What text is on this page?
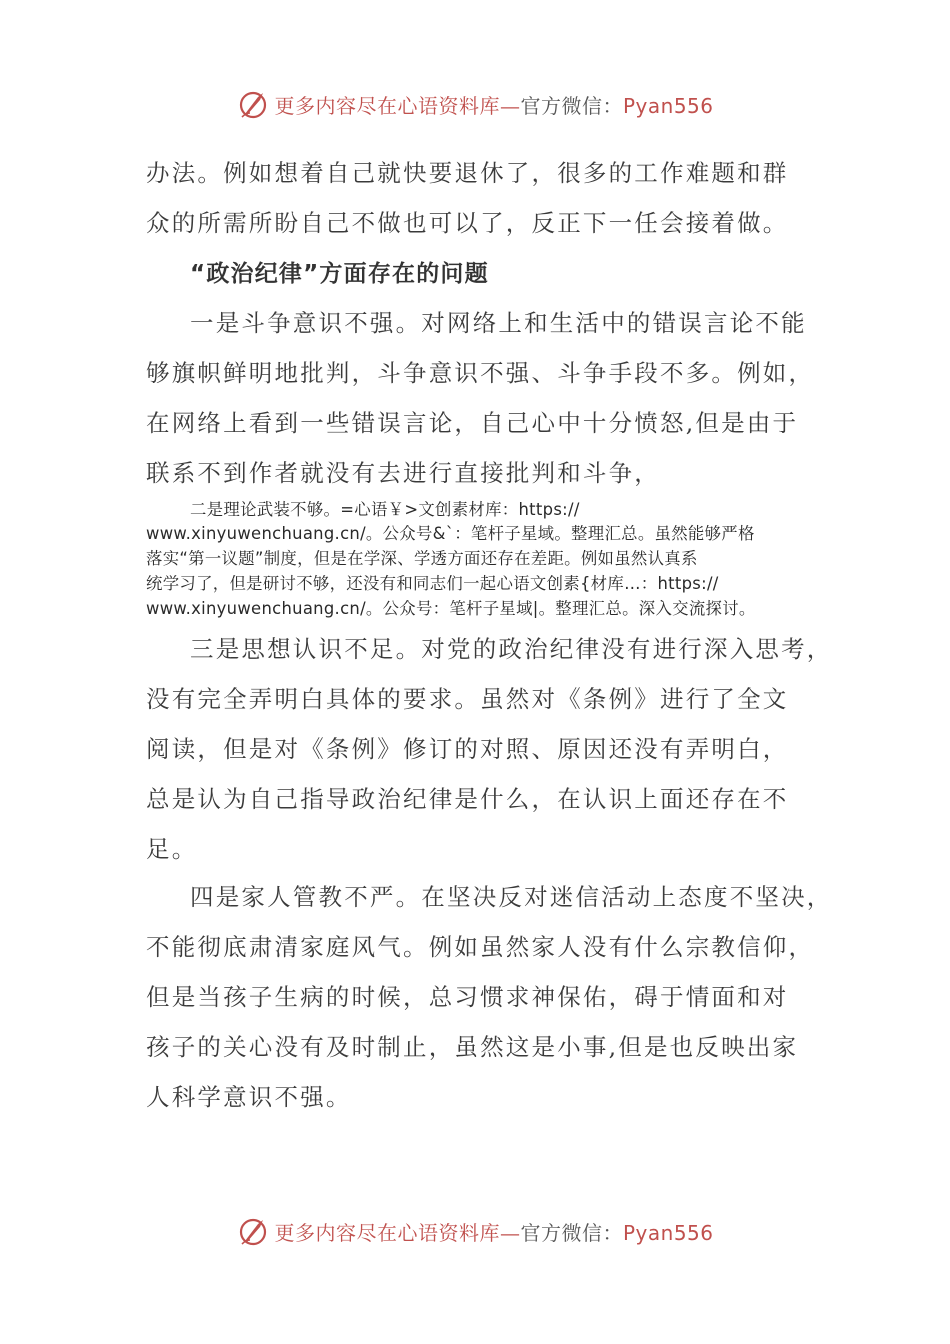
更多内容尽在心语资料库—官方微信：Pyan556

办法。例如想着自己就快要退休了，很多的工作难题和群

众的所需所盼自己不做也可以了，反正下一任会接着做。

“政治纪律”方面存在的问题

一是斗争意识不强。对网络上和生活中的错误言论不能

够旗帜鲜明地批判，斗争意识不强、斗争手段不多。例如，

在网络上看到一些错误言论，自己心中十分愤怒,但是由于

联系不到作者就没有去进行直接批判和斗争，

二是理论武装不够。=心语￥>文创素材库：https://

www.xinyuwenchuang.cn/。公众号&`：笔杆子星域。整理汇总。虽然能够严格

落实“第一议题”制度，但是在学深、学透方面还存在差距。例如虽然认真系

统学习了，但是研讨不够，还没有和同志们一起心语文创素{材库…：https://

www.xinyuwenchuang.cn/。公众号：笔杆子星域|。整理汇总。深入交流探讨。

三是思想认识不足。对党的政治纪律没有进行深入思考，

没有完全弄明白具体的要求。虽然对《条例》进行了全文

阅读，但是对《条例》修订的对照、原因还没有弄明白，

总是认为自己指导政治纪律是什么，在认识上面还存在不

足。

四是家人管教不严。在坚决反对迷信活动上态度不坚决，

不能彻底肃清家庭风气。例如虽然家人没有什么宗教信仰，

但是当孩子生病的时候，总习惯求神保佑，碍于情面和对

孩子的关心没有及时制止，虽然这是小事,但是也反映出家

人科学意识不强。

更多内容尽在心语资料库—官方微信：Pyan556
